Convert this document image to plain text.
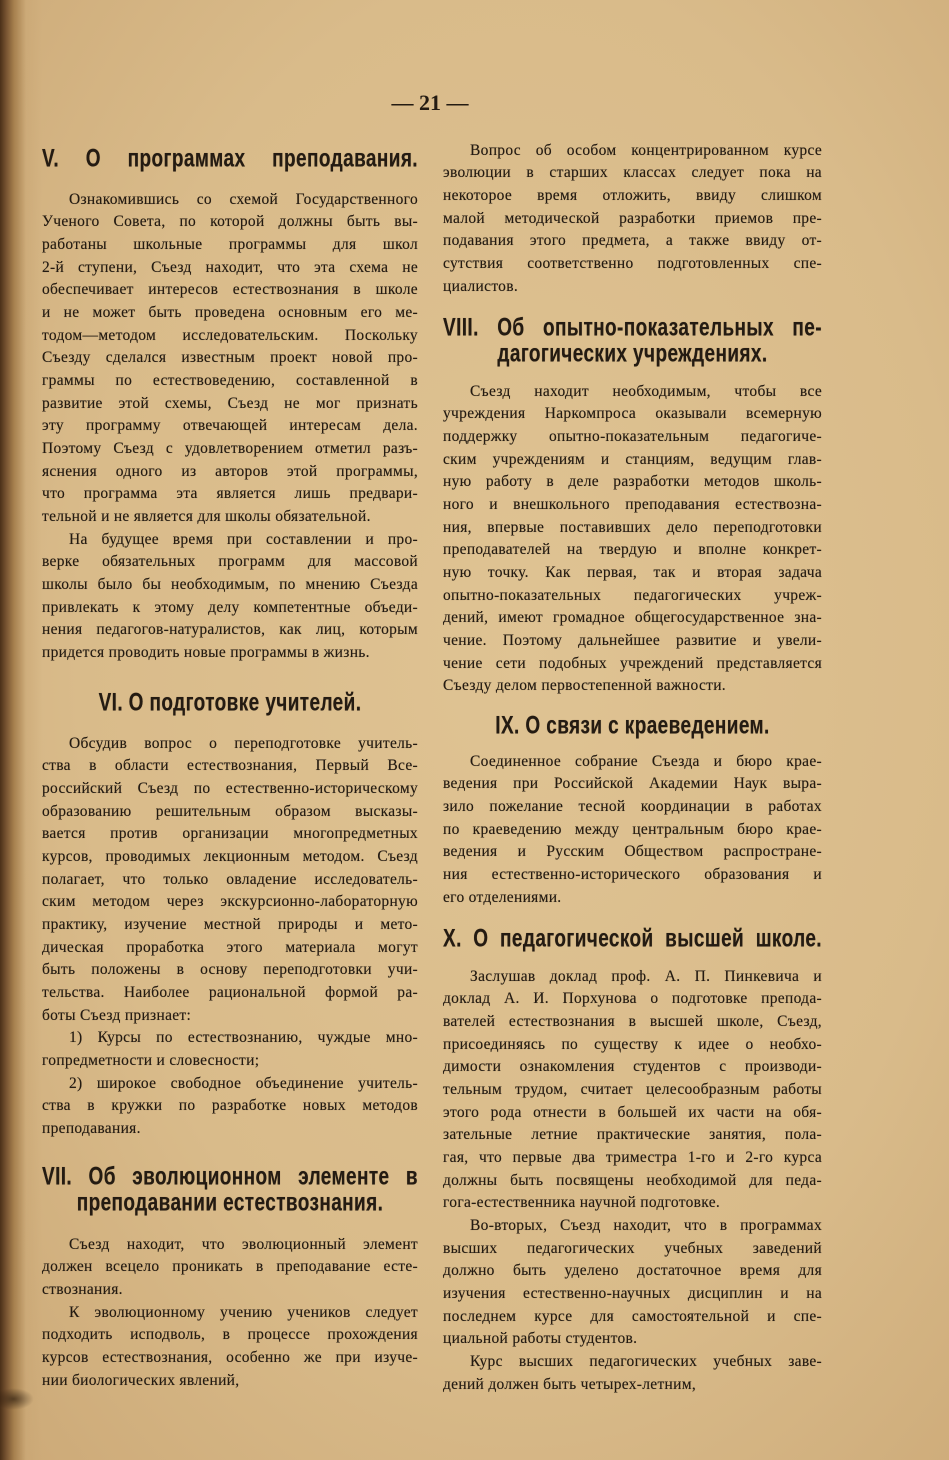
— 21 —
V. О программах преподавания.
Ознакомившись со схемой Государственного
Ученого Совета, по которой должны быть вы-
работаны школьные программы для школ
2-й ступени, Съезд находит, что эта схема не
обеспечивает интересов естествознания в школе
и не может быть проведена основным его ме-
тодом—методом исследовательским. Поскольку
Съезду сделался известным проект новой про-
граммы по естествоведению, составленной в
развитие этой схемы, Съезд не мог признать
эту программу отвечающей интересам дела.
Поэтому Съезд с удовлетворением отметил разъ-
яснения одного из авторов этой программы,
что программа эта является лишь предвари-
тельной и не является для школы обязательной.
На будущее время при составлении и про-
верке обязательных программ для массовой
школы было бы необходимым, по мнению Съезда
привлекать к этому делу компетентные объеди-
нения педагогов-натуралистов, как лиц, которым
придется проводить новые программы в жизнь.
VI. О подготовке учителей.
Обсудив вопрос о переподготовке учитель-
ства в области естествознания, Первый Все-
российский Съезд по естественно-историческому
образованию решительным образом высказы-
вается против организации многопредметных
курсов, проводимых лекционным методом. Съезд
полагает, что только овладение исследователь-
ским методом через экскурсионно-лабораторную
практику, изучение местной природы и мето-
дическая проработка этого материала могут
быть положены в основу переподготовки учи-
тельства. Наиболее рациональной формой ра-
боты Съезд признает:
1) Курсы по естествознанию, чуждые мно-
гопредметности и словесности;
2) широкое свободное объединение учитель-
ства в кружки по разработке новых методов
преподавания.
VII. Об эволюционном элементе в
преподавании естествознания.
Съезд находит, что эволюционный элемент
должен всецело проникать в преподавание есте-
ствознания.
К эволюционному учению учеников следует
подходить исподволь, в процессе прохождения
курсов естествознания, особенно же при изуче-
нии биологических явлений,
Вопрос об особом концентрированном курсе
эволюции в старших классах следует пока на
некоторое время отложить, ввиду слишком
малой методической разработки приемов пре-
подавания этого предмета, а также ввиду от-
сутствия соответственно подготовленных спе-
циалистов.
VIII. Об опытно-показательных пе-
дагогических учреждениях.
Съезд находит необходимым, чтобы все
учреждения Наркомпроса оказывали всемерную
поддержку опытно-показательным педагогиче-
ским учреждениям и станциям, ведущим глав-
ную работу в деле разработки методов школь-
ного и внешкольного преподавания естествозна-
ния, впервые поставивших дело переподготовки
преподавателей на твердую и вполне конкрет-
ную точку. Как первая, так и вторая задача
опытно-показательных педагогических учреж-
дений, имеют громадное общегосударственное зна-
чение. Поэтому дальнейшее развитие и увели-
чение сети подобных учреждений представляется
Съезду делом первостепенной важности.
IX. О связи с краеведением.
Соединенное собрание Съезда и бюро крае-
ведения при Российской Академии Наук выра-
зило пожелание тесной координации в работах
по краеведению между центральным бюро крае-
ведения и Русским Обществом распростране-
ния естественно-исторического образования и
его отделениями.
X. О педагогической высшей школе.
Заслушав доклад проф. А. П. Пинкевича и
доклад А. И. Порхунова о подготовке препода-
вателей естествознания в высшей школе, Съезд,
присоединяясь по существу к идее о необхо-
димости ознакомления студентов с производи-
тельным трудом, считает целесообразным работы
этого рода отнести в большей их части на обя-
зательные летние практические занятия, пола-
гая, что первые два триместра 1-го и 2-го курса
должны быть посвящены необходимой для педа-
гога-естественника научной подготовке.
Во-вторых, Съезд находит, что в программах
высших педагогических учебных заведений
должно быть уделено достаточное время для
изучения естественно-научных дисциплин и на
последнем курсе для самостоятельной и спе-
циальной работы студентов.
Курс высших педагогических учебных заве-
дений должен быть четырех-летним,
